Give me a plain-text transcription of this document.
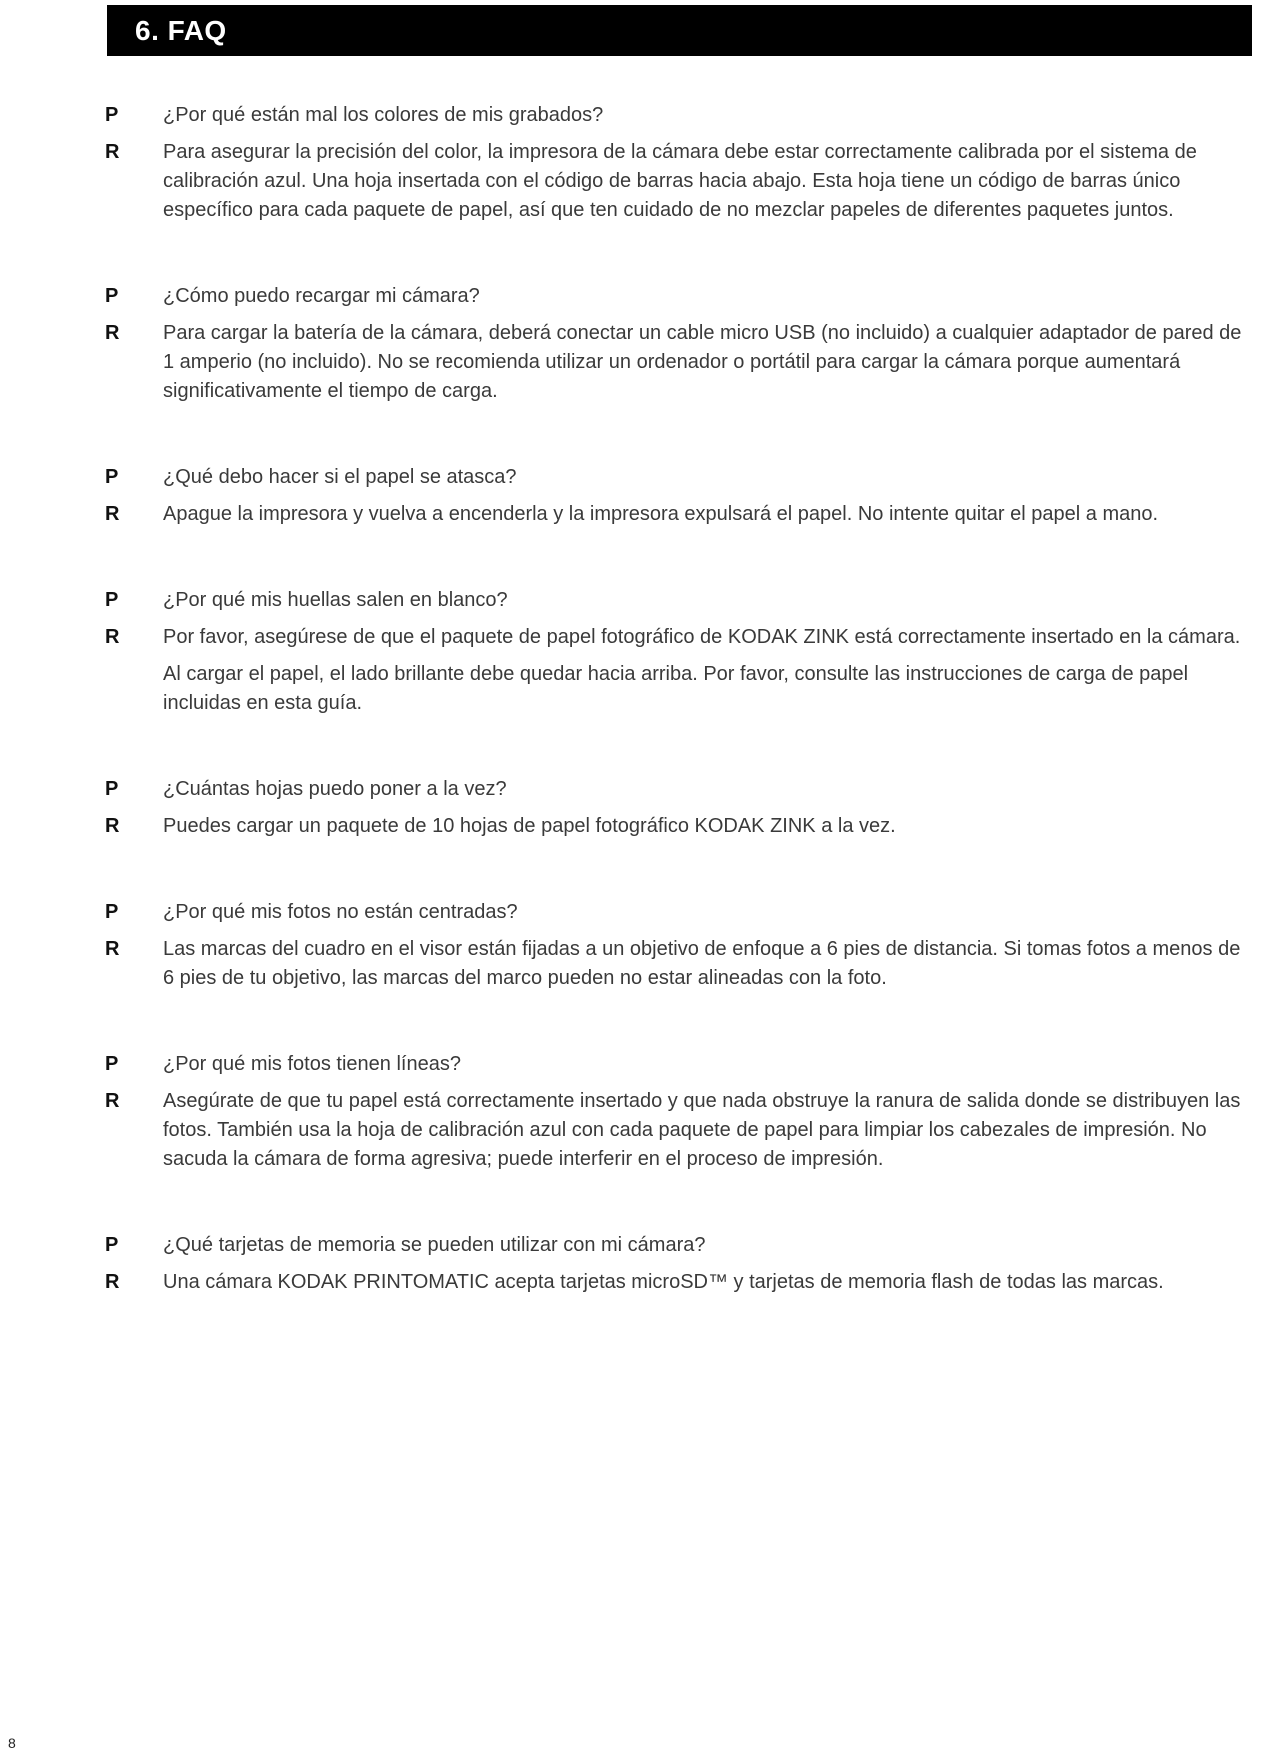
6. FAQ
P	¿Por qué están mal los colores de mis grabados?
R	Para asegurar la precisión del color, la impresora de la cámara debe estar correctamente calibrada por el sistema de calibración azul. Una hoja insertada con el código de barras hacia abajo. Esta hoja tiene un código de barras único específico para cada paquete de papel, así que ten cuidado de no mezclar papeles de diferentes paquetes juntos.

P	¿Cómo puedo recargar mi cámara?
R	Para cargar la batería de la cámara, deberá conectar un cable micro USB (no incluido) a cualquier adaptador de pared de 1 amperio (no incluido). No se recomienda utilizar un ordenador o portátil para cargar la cámara porque aumentará significativamente el tiempo de carga.

P	¿Qué debo hacer si el papel se atasca?
R	Apague la impresora y vuelva a encenderla y la impresora expulsará el papel. No intente quitar el papel a mano.

P	¿Por qué mis huellas salen en blanco?
R	Por favor, asegúrese de que el paquete de papel fotográfico de KODAK ZINK está correctamente insertado en la cámara.

Al cargar el papel, el lado brillante debe quedar hacia arriba. Por favor, consulte las instrucciones de carga de papel incluidas en esta guía.

P	¿Cuántas hojas puedo poner a la vez?
R	Puedes cargar un paquete de 10 hojas de papel fotográfico KODAK ZINK a la vez.

P	¿Por qué mis fotos no están centradas?
R	Las marcas del cuadro en el visor están fijadas a un objetivo de enfoque a 6 pies de distancia. Si tomas fotos a menos de 6 pies de tu objetivo, las marcas del marco pueden no estar alineadas con la foto.

P	¿Por qué mis fotos tienen líneas?
R	Asegúrate de que tu papel está correctamente insertado y que nada obstruye la ranura de salida donde se distribuyen las fotos. También usa la hoja de calibración azul con cada paquete de papel para limpiar los cabezales de impresión. No sacuda la cámara de forma agresiva; puede interferir en el proceso de impresión.

P	¿Qué tarjetas de memoria se pueden utilizar con mi cámara?
R	Una cámara KODAK PRINTOMATIC acepta tarjetas microSD™ y tarjetas de memoria flash de todas las marcas.

8
